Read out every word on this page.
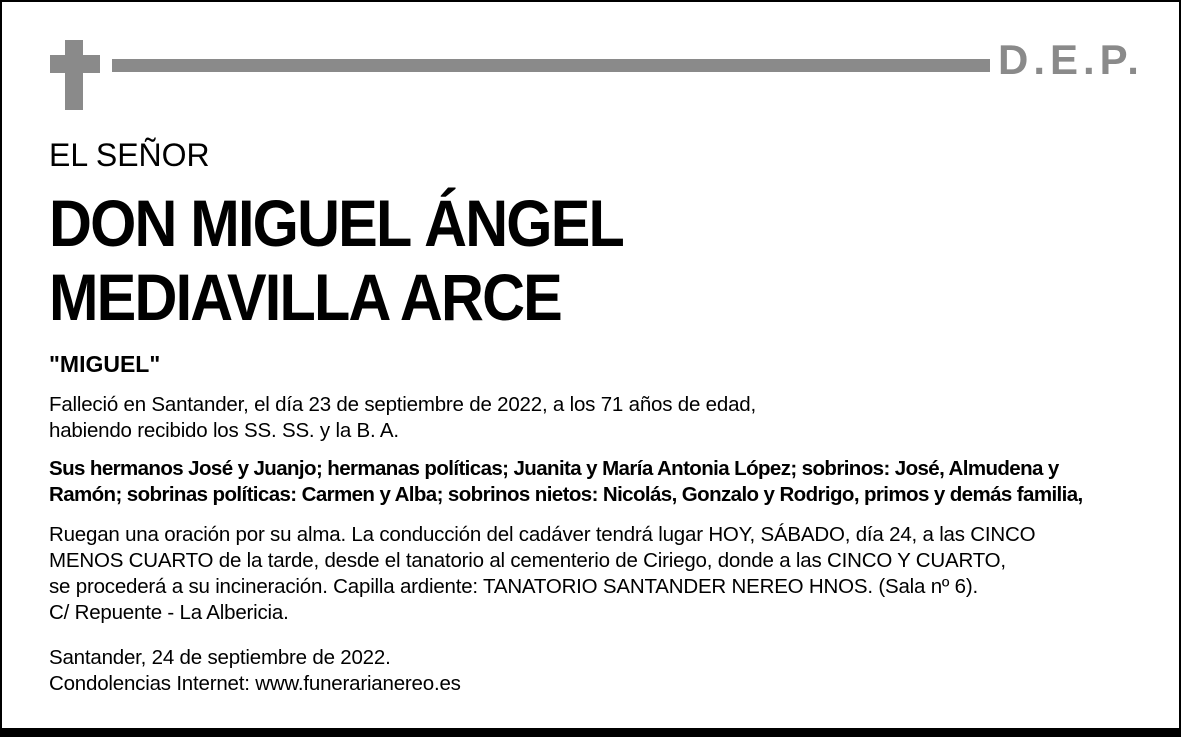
D.E.P.
EL SEÑOR
DON MIGUEL ÁNGEL
MEDIAVILLA ARCE
"MIGUEL"
Falleció en Santander, el día 23 de septiembre de 2022, a los 71 años de edad,
habiendo recibido los SS. SS. y la B. A.
Sus hermanos José y Juanjo; hermanas políticas; Juanita y María Antonia López; sobrinos: José, Almudena y
Ramón; sobrinas políticas: Carmen y Alba; sobrinos nietos: Nicolás, Gonzalo y Rodrigo, primos y demás familia,
Ruegan una oración por su alma. La conducción del cadáver tendrá lugar HOY, SÁBADO, día 24, a las CINCO
MENOS CUARTO de la tarde, desde el tanatorio al cementerio de Ciriego, donde a las CINCO Y CUARTO,
se procederá a su incineración. Capilla ardiente: TANATORIO SANTANDER NEREO HNOS. (Sala nº 6).
C/ Repuente - La Albericia.
Santander, 24 de septiembre de 2022.
Condolencias Internet: www.funerarianereo.es
